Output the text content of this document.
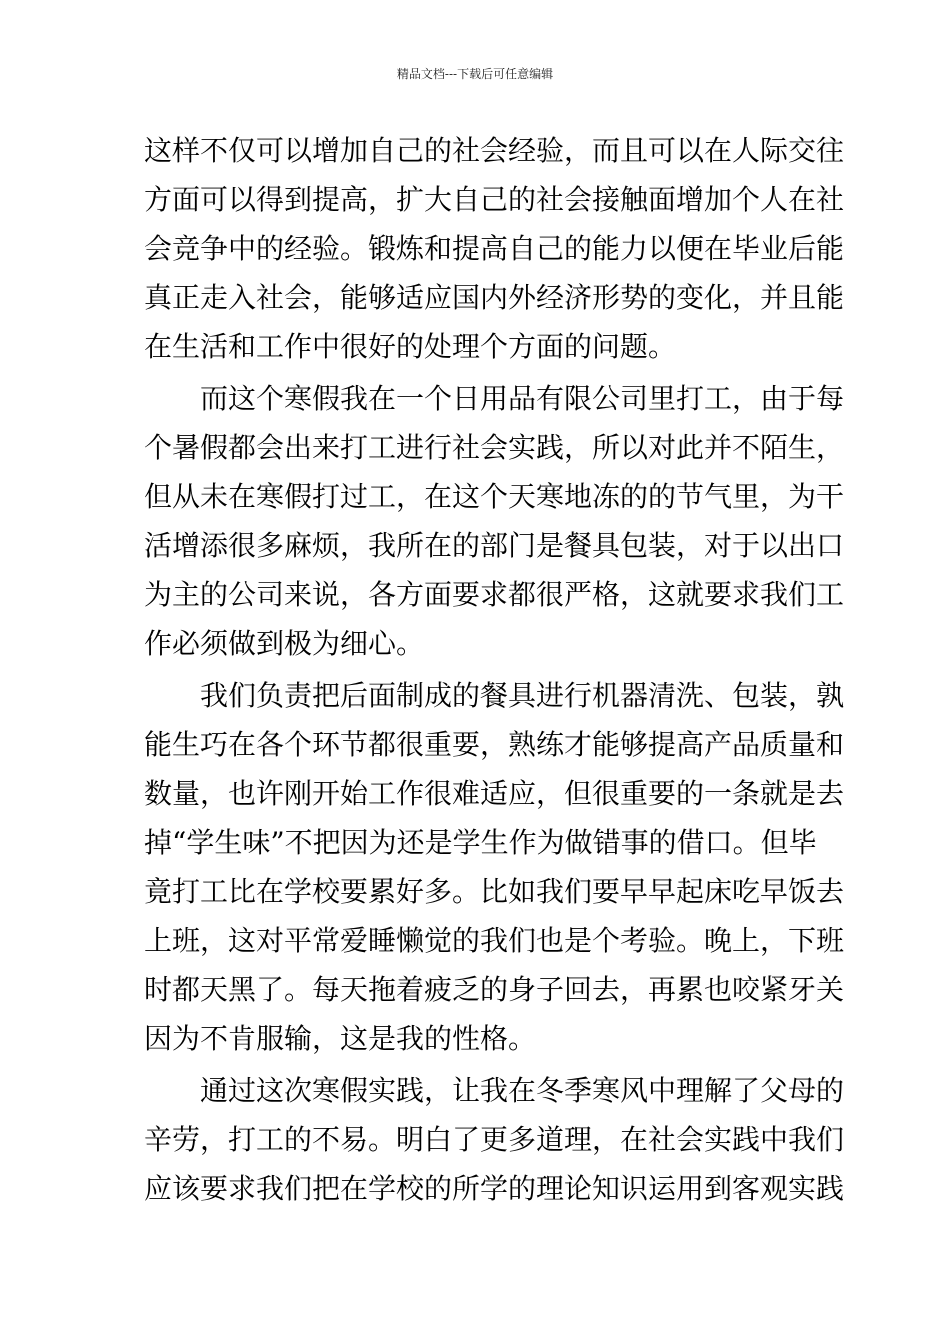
精品文档---下载后可任意编辑
这样不仅可以增加自己的社会经验，而且可以在人际交往
方面可以得到提高，扩大自己的社会接触面增加个人在社
会竞争中的经验。锻炼和提高自己的能力以便在毕业后能
真正走入社会，能够适应国内外经济形势的变化，并且能
在生活和工作中很好的处理个方面的问题。
而这个寒假我在一个日用品有限公司里打工，由于每
个暑假都会出来打工进行社会实践，所以对此并不陌生，
但从未在寒假打过工，在这个天寒地冻的的节气里，为干
活增添很多麻烦，我所在的部门是餐具包装，对于以出口
为主的公司来说，各方面要求都很严格，这就要求我们工
作必须做到极为细心。
我们负责把后面制成的餐具进行机器清洗、包装，孰
能生巧在各个环节都很重要，熟练才能够提高产品质量和
数量，也许刚开始工作很难适应，但很重要的一条就是去
掉“学生味”不把因为还是学生作为做错事的借口。但毕
竟打工比在学校要累好多。比如我们要早早起床吃早饭去
上班，这对平常爱睡懒觉的我们也是个考验。晚上，下班
时都天黑了。每天拖着疲乏的身子回去，再累也咬紧牙关
因为不肯服输，这是我的性格。
通过这次寒假实践，让我在冬季寒风中理解了父母的
辛劳，打工的不易。明白了更多道理，在社会实践中我们
应该要求我们把在学校的所学的理论知识运用到客观实践
